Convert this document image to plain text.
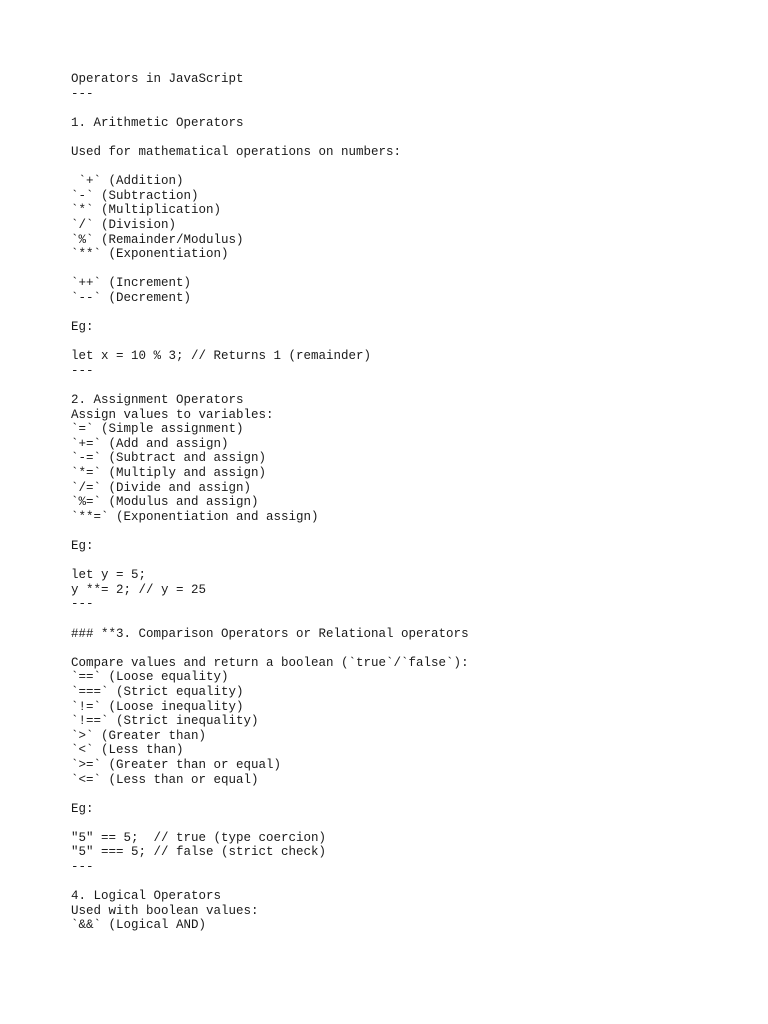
Operators in JavaScript
---
1. Arithmetic Operators
Used for mathematical operations on numbers:
`+` (Addition)
`-` (Subtraction)
`*` (Multiplication)
`/` (Division)
`%` (Remainder/Modulus)
`**` (Exponentiation)
`++` (Increment)
`--` (Decrement)
Eg:
let x = 10 % 3; // Returns 1 (remainder)
---
2. Assignment Operators
Assign values to variables:
`=` (Simple assignment)
`+=` (Add and assign)
`-=` (Subtract and assign)
`*=` (Multiply and assign)
`/=` (Divide and assign)
`%=` (Modulus and assign)
`**=` (Exponentiation and assign)
Eg:
let y = 5;
y **= 2; // y = 25
---
### **3. Comparison Operators or Relational operators
Compare values and return a boolean (`true`/`false`):
`==` (Loose equality)
`===` (Strict equality)
`!=` (Loose inequality)
`!==` (Strict inequality)
`>` (Greater than)
`<` (Less than)
`>=` (Greater than or equal)
`<=` (Less than or equal)
Eg:
"5" == 5;  // true (type coercion)
"5" === 5; // false (strict check)
---
4. Logical Operators
Used with boolean values:
`&&` (Logical AND)
